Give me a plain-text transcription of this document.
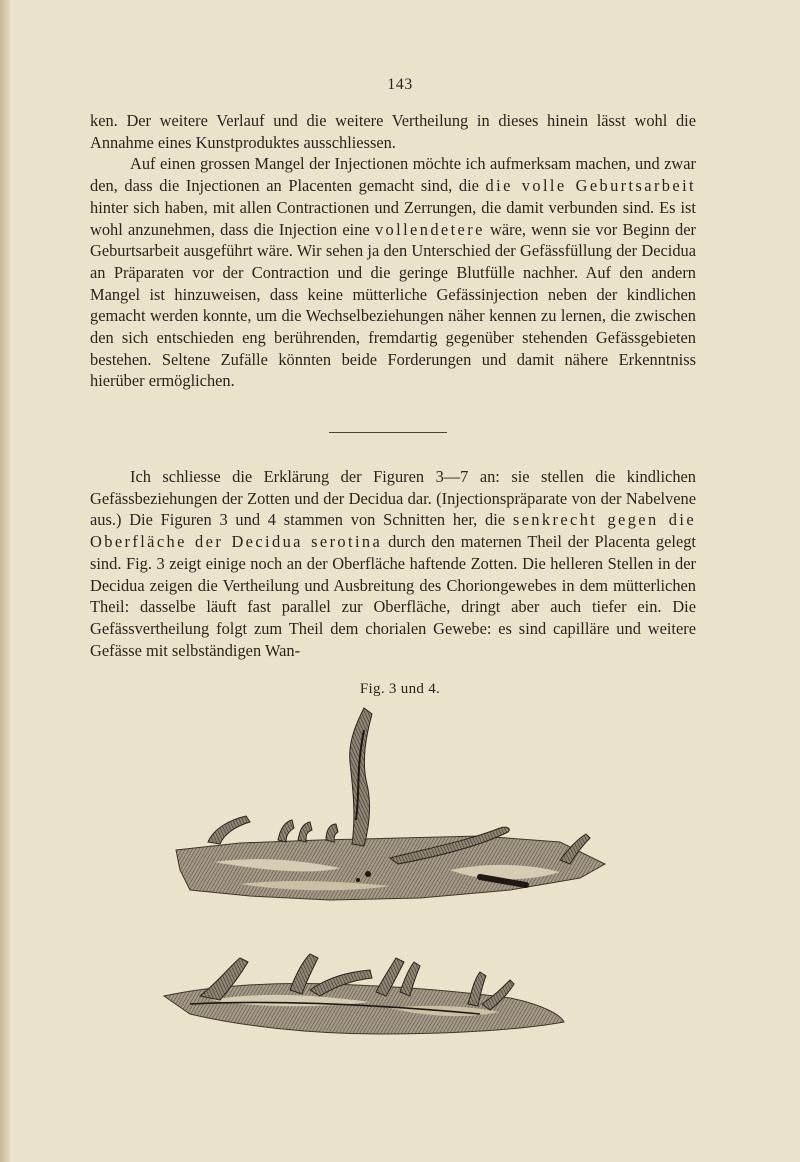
143

ken. Der weitere Verlauf und die weitere Vertheilung in dieses hinein lässt wohl die Annahme eines Kunstproduktes ausschliessen.

Auf einen grossen Mangel der Injectionen möchte ich aufmerksam machen, und zwar den, dass die Injectionen an Placenten gemacht sind, die die volle Geburtsarbeit hinter sich haben, mit allen Contractionen und Zerrungen, die damit verbunden sind. Es ist wohl anzunehmen, dass die Injection eine vollendetere wäre, wenn sie vor Beginn der Geburtsarbeit ausgeführt wäre. Wir sehen ja den Unterschied der Gefässfüllung der Decidua an Präparaten vor der Contraction und die geringe Blutfülle nachher. Auf den andern Mangel ist hinzuweisen, dass keine mütterliche Gefässinjection neben der kindlichen gemacht werden konnte, um die Wechselbeziehungen näher kennen zu lernen, die zwischen den sich entschieden eng berührenden, fremdartig gegenüber stehenden Gefässgebieten bestehen. Seltene Zufälle könnten beide Forderungen und damit nähere Erkenntniss hierüber ermöglichen.

Ich schliesse die Erklärung der Figuren 3—7 an: sie stellen die kindlichen Gefässbeziehungen der Zotten und der Decidua dar. (Injectionspräparate von der Nabelvene aus.) Die Figuren 3 und 4 stammen von Schnitten her, die senkrecht gegen die Oberfläche der Decidua serotina durch den maternen Theil der Placenta gelegt sind. Fig. 3 zeigt einige noch an der Oberfläche haftende Zotten. Die helleren Stellen in der Decidua zeigen die Vertheilung und Ausbreitung des Choriongewebes in dem mütterlichen Theil: dasselbe läuft fast parallel zur Oberfläche, dringt aber auch tiefer ein. Die Gefässvertheilung folgt zum Theil dem chorialen Gewebe: es sind capilläre und weitere Gefässe mit selbständigen Wan-

Fig. 3 und 4.
